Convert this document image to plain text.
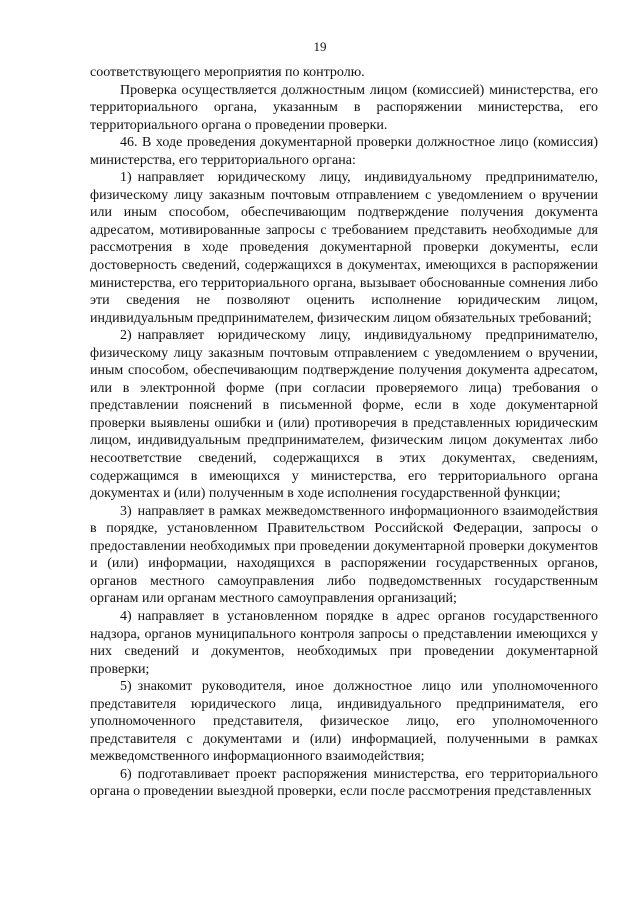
19

соответствующего мероприятия по контролю.

Проверка осуществляется должностным лицом (комиссией) министерства, его территориального органа, указанным в распоряжении министерства, его территориального органа о проведении проверки.

46. В ходе проведения документарной проверки должностное лицо (комиссия) министерства, его территориального органа:

1) направляет юридическому лицу, индивидуальному предпринимателю, физическому лицу заказным почтовым отправлением с уведомлением о вручении или иным способом, обеспечивающим подтверждение получения документа адресатом, мотивированные запросы с требованием представить необходимые для рассмотрения в ходе проведения документарной проверки документы, если достоверность сведений, содержащихся в документах, имеющихся в распоряжении министерства, его территориального органа, вызывает обоснованные сомнения либо эти сведения не позволяют оценить исполнение юридическим лицом, индивидуальным предпринимателем, физическим лицом обязательных требований;

2) направляет юридическому лицу, индивидуальному предпринимателю, физическому лицу заказным почтовым отправлением с уведомлением о вручении, иным способом, обеспечивающим подтверждение получения документа адресатом, или в электронной форме (при согласии проверяемого лица) требования о представлении пояснений в письменной форме, если в ходе документарной проверки выявлены ошибки и (или) противоречия в представленных юридическим лицом, индивидуальным предпринимателем, физическим лицом документах либо несоответствие сведений, содержащихся в этих документах, сведениям, содержащимся в имеющихся у министерства, его территориального органа документах и (или) полученным в ходе исполнения государственной функции;

3) направляет в рамках межведомственного информационного взаимодействия в порядке, установленном Правительством Российской Федерации, запросы о предоставлении необходимых при проведении документарной проверки документов и (или) информации, находящихся в распоряжении государственных органов, органов местного самоуправления либо подведомственных государственным органам или органам местного самоуправления организаций;

4) направляет в установленном порядке в адрес органов государственного надзора, органов муниципального контроля запросы о представлении имеющихся у них сведений и документов, необходимых при проведении документарной проверки;

5) знакомит руководителя, иное должностное лицо или уполномоченного представителя юридического лица, индивидуального предпринимателя, его уполномоченного представителя, физическое лицо, его уполномоченного представителя с документами и (или) информацией, полученными в рамках межведомственного информационного взаимодействия;

6) подготавливает проект распоряжения министерства, его территориального органа о проведении выездной проверки, если после рассмотрения представленных
